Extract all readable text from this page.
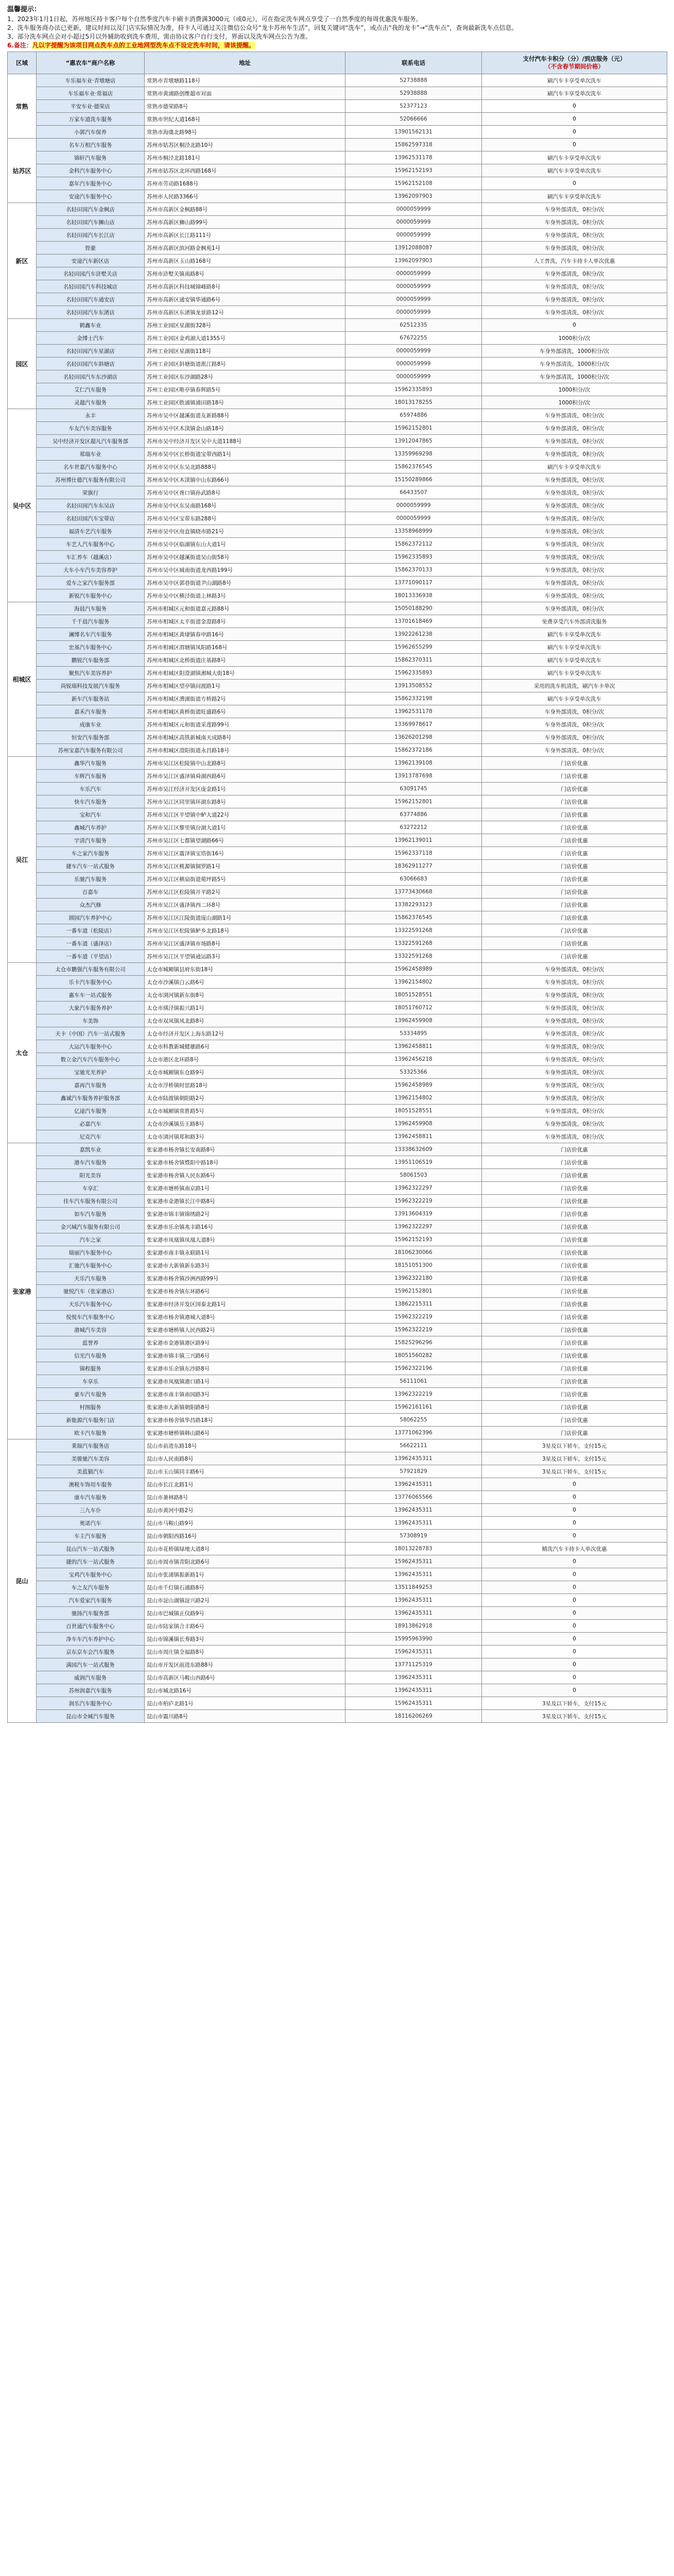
温馨提示：
1、2023年1月1日起，苏州地区持卡客户每个自然季度汽车卡刷卡消费满3000元（或0元），可在指定洗车网点享受了一自然季度的每周优惠洗车服务。
2、洗车服务商办法已更新，建议时间以及门店实际情况为准，持卡人可通过关注微信公众号“龙卡苏州车生活”，回复关键词“洗车”，或点击“我的龙卡”→“洗车点”，查询最新洗车点信息。
3、部分洗车网点会对小超过5月以外辅助收到洗车费用，需由协议客户自行支付，界面以及洗车网点公告为准。
6.备注：凡以字提醒为该项目网点洗车点的工业地网型洗车点不设定洗车时间，请该提醒。
区域	“惠农车”商户名称	地址	联系电话	支付汽车卡积分（分）/到店服务（元）
（不含春节期间价格）

常熟	车乐福车业·青墩塘店	常熟市青墩塘路118号	52738888	刷汽车卡享受单次洗车
	车乐福车业·常福店	常熟市黄浦路创维超市对面	52938888	刷汽车卡享受单次洗车
	平安车业·德荣店	常熟市德荣路8号	52377123	0
	万家车道洗车服务	常熟市世纪大道168号	52066666	0
	小郭汽车保养	常熟市海虞北路98号	13901562131	0
姑苏区	名车万相汽车服务	苏州市姑苏区桐泾北路10号	15862597318	0
	锦轩汽车服务	苏州市桐泾北路181号	13962531178	刷汽车卡享受单次洗车
	金科汽车服务中心	苏州市姑苏区北环西路168号	15962152193	刷汽车卡享受单次洗车
	嘉年汽车服务中心	苏州市劳动路1688号	15962152108	0
	安途汽车服务中心	苏州市人民路3366号	13962097903	刷汽车卡享受单次洗车
新区	名轻田园汽车金枫店	苏州市高新区金枫路88号	0000059999	车身外部清洗，0积分/次
	名轻田园汽车狮山店	苏州市高新区狮山路99号	0000059999	车身外部清洗，0积分/次
	名轻田园汽车长江店	苏州市高新区长江路111号	0000059999	车身外部清洗，0积分/次
	智豪	苏州市高新区滨河路金枫苑1号	13912088087	车身外部清洗，0积分/次
	安途汽车新区店	苏州市高新区玉山路168号	13962097903	人工普洗，汽车卡持卡人单次优惠
	名轻田园汽车浒墅关店	苏州市浒墅关镇南路8号	0000059999	车身外部清洗，0积分/次
	名轻田园汽车科技城店	苏州市高新区科技城锦峰路8号	0000059999	车身外部清洗，0积分/次
	名轻田园汽车通安店	苏州市高新区通安镇华通路6号	0000059999	车身外部清洗，0积分/次
	名轻田园汽车东渚店	苏州市高新区东渚镇龙景路12号	0000059999	车身外部清洗，0积分/次
园区	鹤鑫车业	苏州工业园区星湖街328号	62512335	0
	金博士汽车	苏州工业园区金鸡湖大道1355号	67672255	1000积分/次
	名轻田园汽车星湖店	苏州工业园区星湖街118号	0000059999	车身外部清洗，1000积分/次
	名轻田园汽车斜塘店	苏州工业园区斜塘街道淞江路8号	0000059999	车身外部清洗，1000积分/次
	名轻田园汽车东沙湖店	苏州工业园区东沙湖路28号	0000059999	车身外部清洗，1000积分/次
	艾仁汽车服务	苏州工业园区唯亭镇春辉路5号	15962335893	1000积分/次
	灵越汽车服务	苏州工业园区胜浦镇浦田路18号	18013178255	1000积分/次
吴中区	永丰	苏州市吴中区越溪街道友新路88号	65974886	车身外部清洗，0积分/次
	车友汽车美容服务	苏州市吴中区木渎镇金山路18号	15962152801	车身外部清洗，0积分/次
	吴中经济开发区超凡汽车服务部	苏州市吴中经济开发区吴中大道1188号	13912047865	车身外部清洗，0积分/次
	郑瑞车业	苏州市吴中区长桥街道宝带西路1号	13359969298	车身外部清洗，0积分/次
	名车世嘉汽车服务中心	苏州市吴中区东吴北路888号	15862376545	刷汽车卡享受单次洗车
	苏州博仕德汽车服务有限公司	苏州市吴中区木渎镇中山东路66号	15150289866	车身外部清洗，0积分/次
	荣旗行	苏州市吴中区胥口镇孙武路8号	66433507	车身外部清洗，0积分/次
	名轻田园汽车东吴店	苏州市吴中区东吴南路168号	0000059999	车身外部清洗，0积分/次
	名轻田园汽车宝带店	苏州市吴中区宝带东路288号	0000059999	车身外部清洗，0积分/次
	福清车艺汽车服务	苏州市吴中区甪直镇晓市路21号	13358968999	车身外部清洗，0积分/次
	车艺人汽车服务中心	苏州市吴中区临湖镇东山大道1号	15862372112	车身外部清洗，0积分/次
	车汇养车（越溪店）	苏州市吴中区越溪街道吴山街58号	15962335893	车身外部清洗，0积分/次
	大车小车汽车美容养护	苏州市吴中区城南街道龙西路199号	15862370133	车身外部清洗，0积分/次
	爱车之家汽车服务部	苏州市吴中区郭巷街道尹山湖路8号	13771090117	车身外部清洗，0积分/次
	新锐汽车服务中心	苏州市吴中区横泾街道上林路3号	18013336938	车身外部清洗，0积分/次
相城区	海晨汽车服务	苏州市相城区元和街道嘉元路88号	15050188290	车身外部清洗，0积分/次
	千千晨汽车服务	苏州市相城区太平街道金澄路8号	13701618469	免费享受汽车外部清洗服务
	澜博名车汽车服务	苏州市相城区黄埭镇春申路16号	13922261238	刷汽车卡享受单次洗车
	宏基汽车服务中心	苏州市相城区渭塘镇凤阳路168号	15962655299	刷汽车卡享受单次洗车
	鹏锐汽车服务部	苏州市相城区北桥街道庄基路8号	15862370311	刷汽车卡享受单次洗车
	聚焦汽车美容养护	苏州市相城区阳澄湖镇湘城大街18号	15962335893	刷汽车卡享受单次洗车
	尚锐瑞科技发展汽车服务	苏州市相城区望亭镇问渡路1号	13913508552	采用的洗车机清洗，刷汽车卡单次
	新车汽车服务站	苏州市相城区漕湖街道方桥路2号	15862332198	刷汽车卡享受单次洗车
	嘉禾汽车服务	苏州市相城区黄桥街道旺盛路6号	13962531178	车身外部清洗，0积分/次
	成康车业	苏州市相城区元和街道采莲路99号	13369978617	车身外部清洗，0积分/次
	恒安汽车服务部	苏州市相城区高铁新城南天成路8号	13626201298	车身外部清洗，0积分/次
	苏州宝嘉汽车服务有限公司	苏州市相城区澄阳街道永昌路18号	15862372186	车身外部清洗，0积分/次
吴江	鑫华汽车服务	苏州市吴江区松陵镇中山北路8号	13962139108	门店价优惠
	车辉汽车服务	苏州市吴江区盛泽镇舜湖西路6号	13913787698	门店价优惠
	车乐汽车	苏州市吴江经济开发区庞金路1号	63091745	门店价优惠
	快车汽车服务	苏州市吴江区同里镇环湖东路8号	15962152801	门店价优惠
	宝和汽车	苏州市吴江区平望镇中鲈大道22号	63774886	门店价优惠
	鑫城汽车养护	苏州市吴江区黎里镇汾湖大道1号	63272212	门店价优惠
	宇清汽车服务	苏州市吴江区七都镇望湖路66号	13962139011	门店价优惠
	车之家汽车服务	苏州市吴江区震泽镇宝塔街16号	15962337118	门店价优惠
	捷车汽车一站式服务	苏州市吴江区桃源镇铜罗路1号	18362911277	门店价优惠
	乐驰汽车服务	苏州市吴江区横扇街道菀坪路5号	63066683	门店价优惠
	百嘉车	苏州市吴江区松陵镇开平路2号	13773430668	门店价优惠
	众杰汽修	苏州市吴江区盛泽镇西二环8号	13382293123	门店价优惠
	圆园汽车养护中心	苏州市吴江区江陵街道庞山湖路1号	15862376545	门店价优惠
	一番车道（松陵店）	苏州市吴江区松陵镇鲈乡北路18号	13322591268	门店价优惠
	一番车道（盛泽店）	苏州市吴江区盛泽镇市场路8号	13322591268	门店价优惠
	一番车道（平望店）	苏州市吴江区平望镇通运路3号	13322591268	门店价优惠
太仓	太仓市鹏强汽车服务有限公司	太仓市城厢镇县府东街18号	15962458989	车身外部清洗，0积分/次
	乐卡汽车服务中心	太仓市沙溪镇白云路6号	13962154802	车身外部清洗，0积分/次
	惠车车一站式服务	太仓市浏河镇新东街8号	18051528551	车身外部清洗，0积分/次
	大象汽车服务养护	太仓市璜泾镇振兴路1号	18051760712	车身外部清洗，0积分/次
	车美饰	太仓市双凤镇凤北路8号	13962459908	车身外部清洗，0积分/次
	天卡（中国）汽车一站式服务	太仓市经济开发区上海东路12号	53334895	车身外部清洗，0积分/次
	大运汽车服务中心	太仓市科教新城健雄路6号	13962458811	车身外部清洗，0积分/次
	数立金汽车汽车服务中心	太仓市港区北环路8号	13962456218	车身外部清洗，0积分/次
	宝驰光光养护	太仓市城厢镇东仓路9号	53325366	车身外部清洗，0积分/次
	嘉再汽车服务	太仓市浮桥镇时思路18号	15962458989	车身外部清洗，0积分/次
	鑫诚汽车服务养护服务部	太仓市陆渡镇朝阳路2号	13962154802	车身外部清洗，0积分/次
	亿途汽车服务	太仓市城厢镇常胜路5号	18051528551	车身外部清洗，0积分/次
	必嘉汽车	太仓市沙溪镇岳王路8号	13962459908	车身外部清洗，0积分/次
	尼克汽车	太仓市浏河镇郑和路3号	13962458811	车身外部清洗，0积分/次
张家港	嘉凯车业	张家港市杨舍镇长安南路8号	13338632609	门店价优惠
	港车汽车服务	张家港市杨舍镇暨阳中路18号	13951106519	门店价优惠
	阳光美容	张家港市杨舍镇人民东路6号	58061503	门店价优惠
	车享汇	张家港市塘桥镇南京路1号	13962322297	门店价优惠
	佳车汽车服务有限公司	张家港市金港镇长江中路8号	15962322219	门店价优惠
	如车汽车服务	张家港市锦丰镇锦绣路2号	13913604319	门店价优惠
	金兴城汽车服务有限公司	张家港市乐余镇兆丰路16号	13962322297	门店价优惠
	汽车之家	张家港市凤凰镇凤凰大道8号	15962152193	门店价优惠
	瑞丽汽车服务中心	张家港市南丰镇永联路1号	18106230066	门店价优惠
	汇驰汽车服务中心	张家港市大新镇新东路3号	18151051300	门店价优惠
	天乐汽车服务	张家港市杨舍镇沙洲西路99号	13962322180	门店价优惠
	驰悦汽车（张家港店）	张家港市杨舍镇东环路6号	15962152801	门店价优惠
	天乐汽车服务中心	张家港市经济开发区国泰北路1号	13862215311	门店价优惠
	悦悦车汽车服务中心	张家港市杨舍镇港城大道8号	15962322219	门店价优惠
	港城汽车美容	张家港市塘桥镇人民西路2号	15962322219	门店价优惠
	蓝誉养	张家港市金港镇港区路9号	15825296296	门店价优惠
	信光汽车服务	张家港市锦丰镇三兴路6号	18051560282	门店价优惠
	锦程服务	张家港市乐余镇东沙路8号	15962322196	门店价优惠
	车享乐	张家港市凤凰镇港口路1号	56111061	门店价优惠
	豪车汽车服务	张家港市南丰镇南园路3号	13962322219	门店价优惠
	村图服务	张家港市大新镇朝阳路8号	15962161161	门店价优惠
	新能源汽车服务门店	张家港市杨舍镇华昌路18号	58062255	门店价优惠
	欧卡汽车服务	张家港市塘桥镇韩山路6号	13771062396	门店价优惠
昆山	莱瑞汽车服务店	昆山市前进东路18号	56622111	3星及以下轿车，支付15元
	美骏驰汽车美容	昆山市人民南路8号	13962435311	3星及以下轿车，支付15元
	美蓝猫汽车	昆山市玉山镇同丰路6号	57921829	3星及以下轿车，支付15元
	澳税车饰用车服务	昆山市长江北路1号	13962435311	0
	康车汽车服务	昆山市萧林路8号	13776065566	0
	三九车仆	昆山市黄河中路2号	13962435311	0
	奥诺汽车	昆山市马鞍山路9号	13962435311	0
	车主汽车服务	昆山市朝阳西路16号	57308919	0
	昆山汽车一站式服务	昆山市花桥镇绿地大道8号	18013228783	精洗汽车卡持卡人单次优惠
	捷的汽车一站式服务	昆山市周市镇青阳北路6号	15962435311	0
	宝鸡汽车服务中心	昆山市张浦镇振新路1号	13962435311	0
	车之友汽车服务	昆山市千灯镇石浦路8号	13511849253	0
	汽车爱家汽车服务	昆山市淀山湖镇淀兴路2号	13962435311	0
	驰扬汽车服务部	昆山市巴城镇正仪路9号	13962435311	0
	百世通汽车服务中心	昆山市陆家镇合丰路6号	18913862918	0
	净车车汽车养护中心	昆山市锦溪镇长寿路3号	15995963990	0
	京东京车会汽车服务	昆山市周庄镇全福路8号	15962435311	0
	满园汽车一站式服务	昆山市开发区前进东路88号	13771125319	0
	威润汽车服务	昆山市高新区马鞍山西路6号	13962435311	0
	苏州润嘉汽车服务	昆山市城北路16号	13962435311	0
	润乐汽车服务中心	昆山市柏庐北路1号	15962435311	3星及以下轿车，支付15元
	昆山市全城汽车服务	昆山市震川路8号	18116206269	3星及以下轿车，支付15元
